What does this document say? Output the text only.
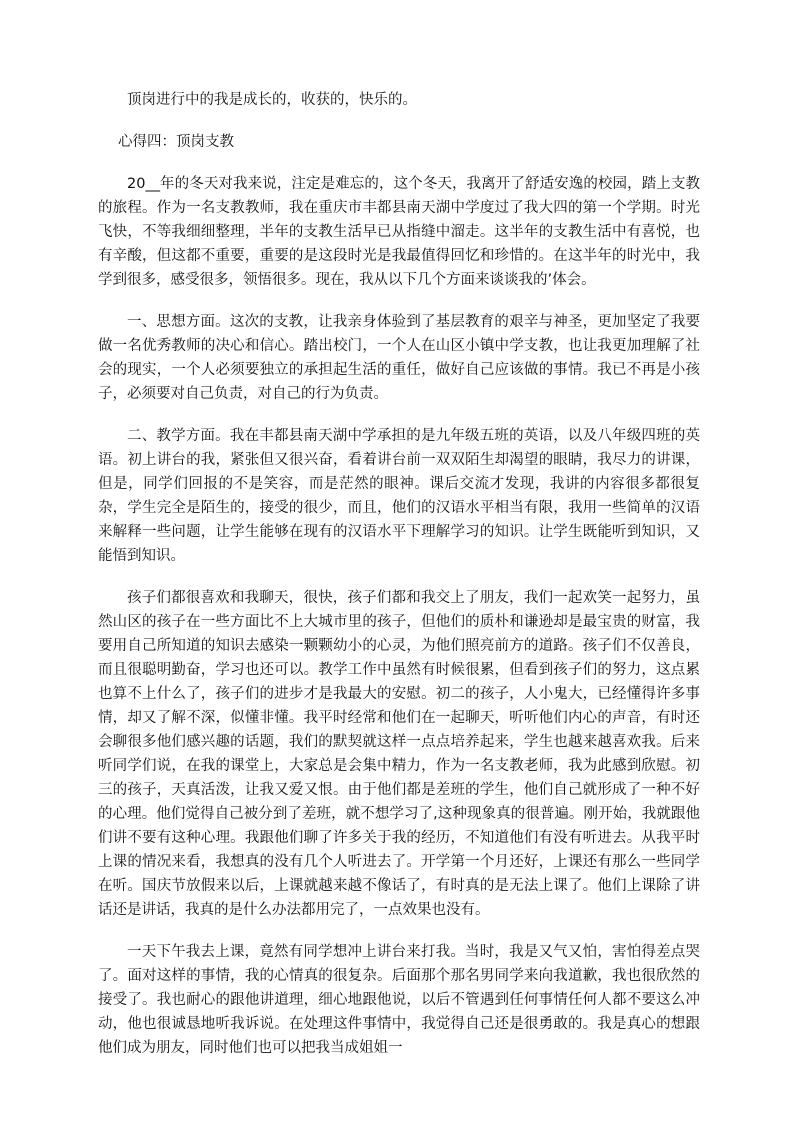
顶岗进行中的我是成长的，收获的，快乐的。

心得四：顶岗支教

20__年的冬天对我来说，注定是难忘的，这个冬天，我离开了舒适安逸的校园，踏上支教的旅程。作为一名支教教师，我在重庆市丰都县南天湖中学度过了我大四的第一个学期。时光飞快，不等我细细整理，半年的支教生活早已从指缝中溜走。这半年的支教生活中有喜悦，也有辛酸，但这都不重要，重要的是这段时光是我最值得回忆和珍惜的。在这半年的时光中，我学到很多，感受很多，领悟很多。现在，我从以下几个方面来谈谈我的’体会。

一、思想方面。这次的支教，让我亲身体验到了基层教育的艰辛与神圣，更加坚定了我要做一名优秀教师的决心和信心。踏出校门，一个人在山区小镇中学支教，也让我更加理解了社会的现实，一个人必须要独立的承担起生活的重任，做好自己应该做的事情。我已不再是小孩子，必须要对自己负责，对自己的行为负责。

二、教学方面。我在丰都县南天湖中学承担的是九年级五班的英语，以及八年级四班的英语。初上讲台的我，紧张但又很兴奋，看着讲台前一双双陌生却渴望的眼睛，我尽力的讲课，但是，同学们回报的不是笑容，而是茫然的眼神。课后交流才发现，我讲的内容很多都很复杂，学生完全是陌生的，接受的很少，而且，他们的汉语水平相当有限，我用一些简单的汉语来解释一些问题，让学生能够在现有的汉语水平下理解学习的知识。让学生既能听到知识，又能悟到知识。

孩子们都很喜欢和我聊天，很快，孩子们都和我交上了朋友，我们一起欢笑一起努力，虽然山区的孩子在一些方面比不上大城市里的孩子，但他们的质朴和谦逊却是最宝贵的财富，我要用自己所知道的知识去感染一颗颗幼小的心灵，为他们照亮前方的道路。孩子们不仅善良，而且很聪明勤奋，学习也还可以。教学工作中虽然有时候很累，但看到孩子们的努力，这点累也算不上什么了，孩子们的进步才是我最大的安慰。初二的孩子，人小鬼大，已经懂得许多事情，却又了解不深，似懂非懂。我平时经常和他们在一起聊天，听听他们内心的声音，有时还会聊很多他们感兴趣的话题，我们的默契就这样一点点培养起来，学生也越来越喜欢我。后来听同学们说，在我的课堂上，大家总是会集中精力，作为一名支教老师，我为此感到欣慰。初三的孩子，天真活泼，让我又爱又恨。由于他们都是差班的学生，他们自己就形成了一种不好的心理。他们觉得自己被分到了差班，就不想学习了,这种现象真的很普遍。刚开始，我就跟他们讲不要有这种心理。我跟他们聊了许多关于我的经历，不知道他们有没有听进去。从我平时上课的情况来看，我想真的没有几个人听进去了。开学第一个月还好，上课还有那么一些同学在听。国庆节放假来以后，上课就越来越不像话了，有时真的是无法上课了。他们上课除了讲话还是讲话，我真的是什么办法都用完了，一点效果也没有。

一天下午我去上课，竟然有同学想冲上讲台来打我。当时，我是又气又怕，害怕得差点哭了。面对这样的事情，我的心情真的很复杂。后面那个那名男同学来向我道歉，我也很欣然的接受了。我也耐心的跟他讲道理，细心地跟他说，以后不管遇到任何事情任何人都不要这么冲动，他也很诚恳地听我诉说。在处理这件事情中，我觉得自己还是很勇敢的。我是真心的想跟他们成为朋友，同时他们也可以把我当成姐姐一
